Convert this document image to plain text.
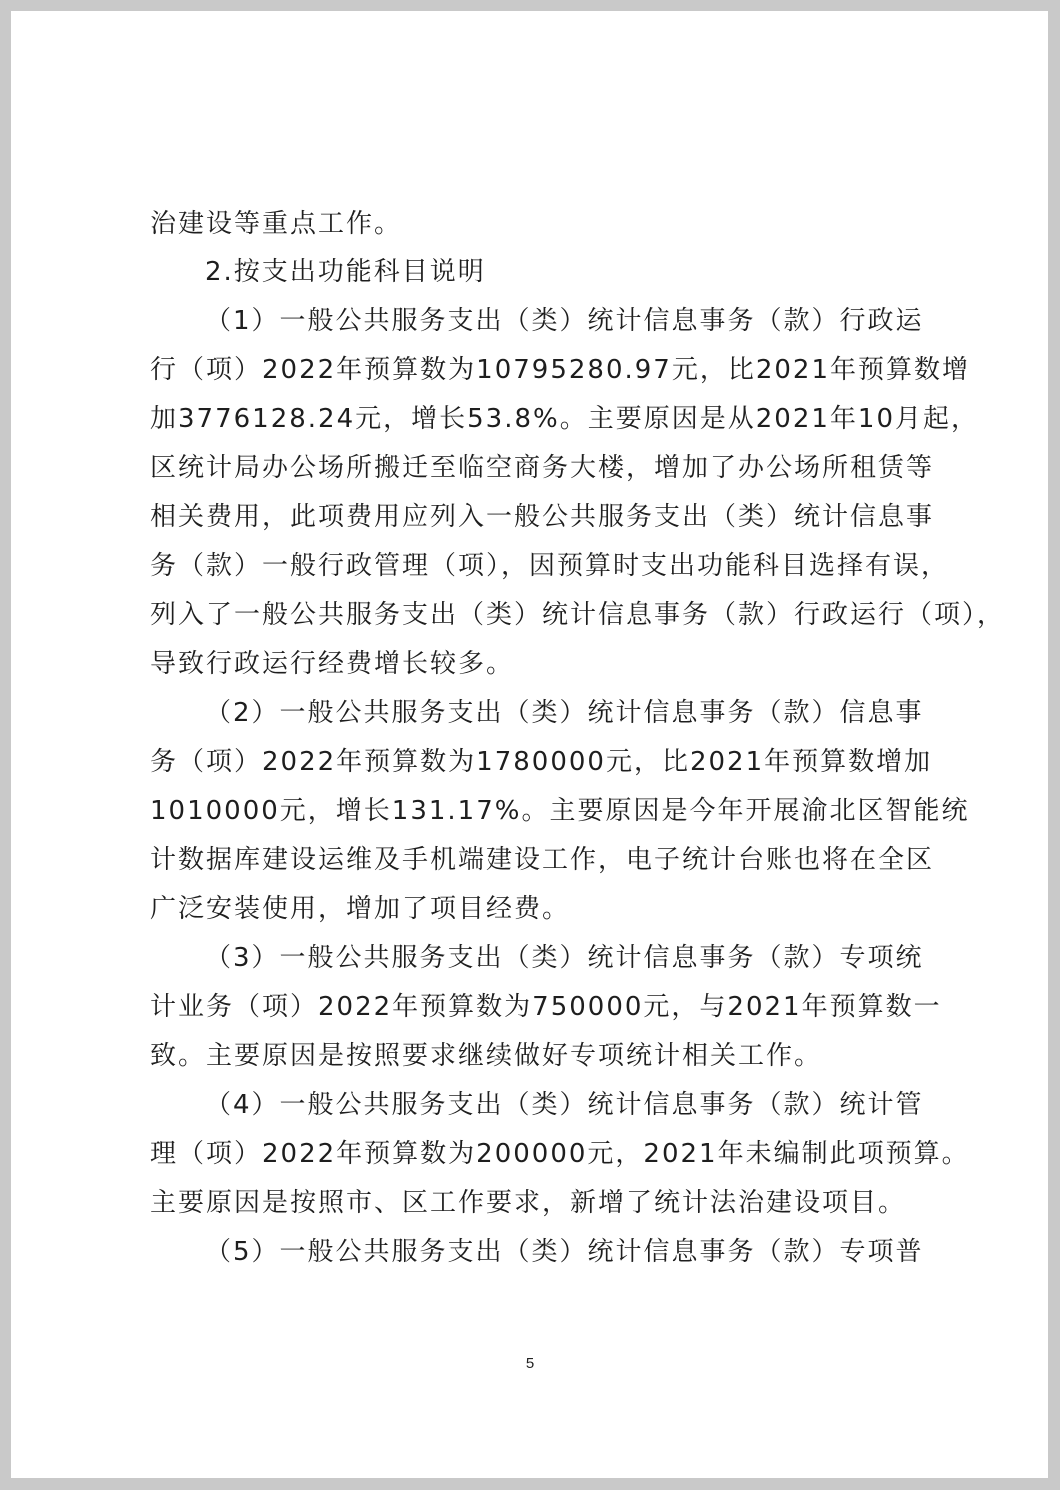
治建设等重点工作。
2.按支出功能科目说明
（1）一般公共服务支出（类）统计信息事务（款）行政运
行（项）2022年预算数为10795280.97元，比2021年预算数增
加3776128.24元，增长53.8%。主要原因是从2021年10月起，
区统计局办公场所搬迁至临空商务大楼，增加了办公场所租赁等
相关费用，此项费用应列入一般公共服务支出（类）统计信息事
务（款）一般行政管理（项），因预算时支出功能科目选择有误，
列入了一般公共服务支出（类）统计信息事务（款）行政运行（项），
导致行政运行经费增长较多。
（2）一般公共服务支出（类）统计信息事务（款）信息事
务（项）2022年预算数为1780000元，比2021年预算数增加
1010000元，增长131.17%。主要原因是今年开展渝北区智能统
计数据库建设运维及手机端建设工作，电子统计台账也将在全区
广泛安装使用，增加了项目经费。
（3）一般公共服务支出（类）统计信息事务（款）专项统
计业务（项）2022年预算数为750000元，与2021年预算数一
致。主要原因是按照要求继续做好专项统计相关工作。
（4）一般公共服务支出（类）统计信息事务（款）统计管
理（项）2022年预算数为200000元，2021年未编制此项预算。
主要原因是按照市、区工作要求，新增了统计法治建设项目。
（5）一般公共服务支出（类）统计信息事务（款）专项普
5
